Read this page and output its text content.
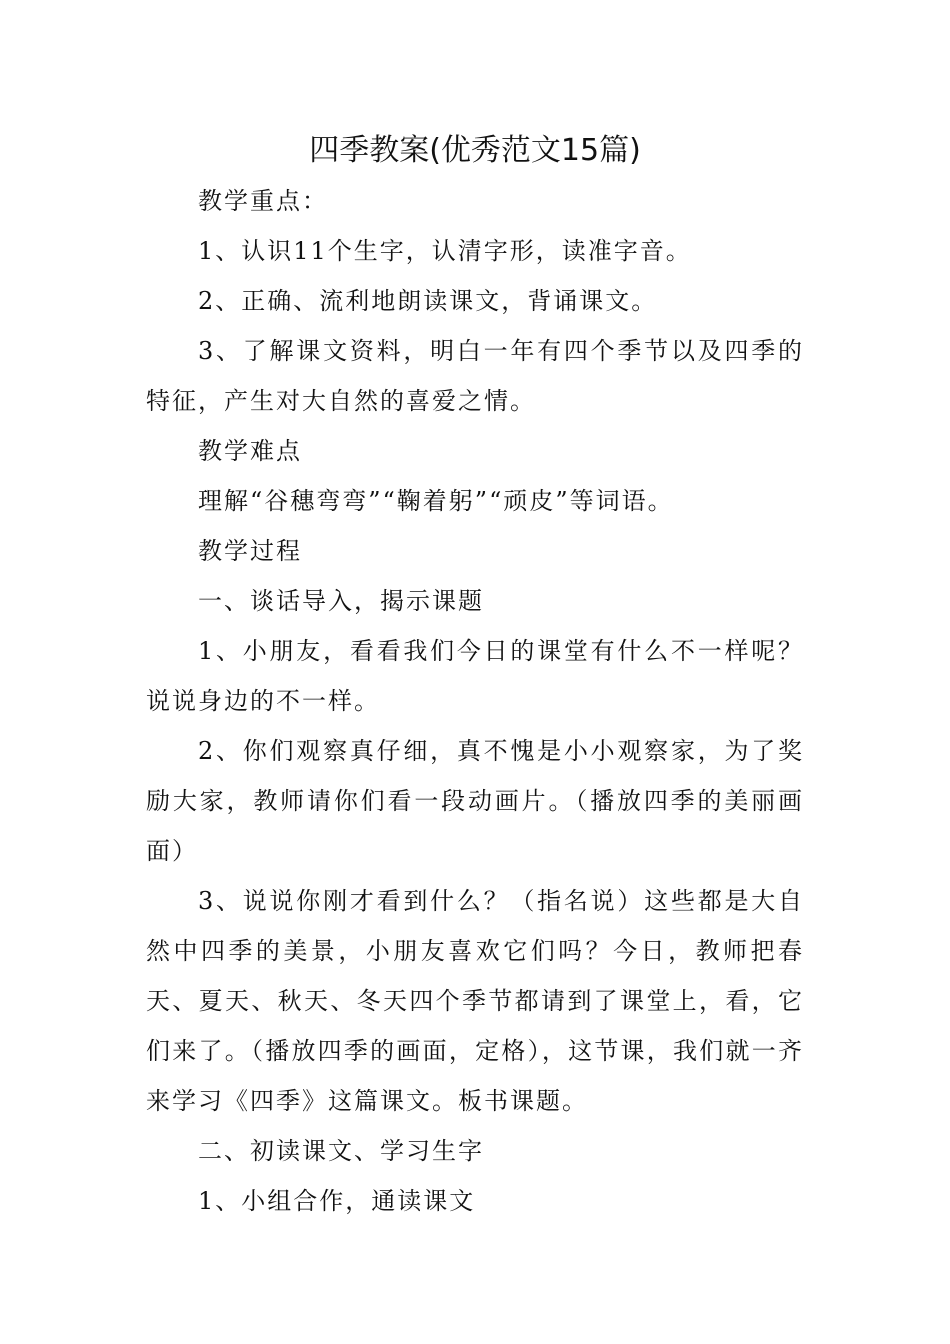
四季教案(优秀范文15篇)

教学重点：

1、认识11个生字，认清字形，读准字音。

2、正确、流利地朗读课文，背诵课文。

3、了解课文资料，明白一年有四个季节以及四季的特征，产生对大自然的喜爱之情。

教学难点

理解“谷穗弯弯”“鞠着躬”“顽皮”等词语。

教学过程

一、谈话导入，揭示课题

1、小朋友，看看我们今日的课堂有什么不一样呢？说说身边的不一样。

2、你们观察真仔细，真不愧是小小观察家，为了奖励大家，教师请你们看一段动画片。（播放四季的美丽画面）

3、说说你刚才看到什么？（指名说）这些都是大自然中四季的美景，小朋友喜欢它们吗？今日，教师把春天、夏天、秋天、冬天四个季节都请到了课堂上，看，它们来了。（播放四季的画面，定格），这节课，我们就一齐来学习《四季》这篇课文。板书课题。

二、初读课文、学习生字

1、小组合作，通读课文
